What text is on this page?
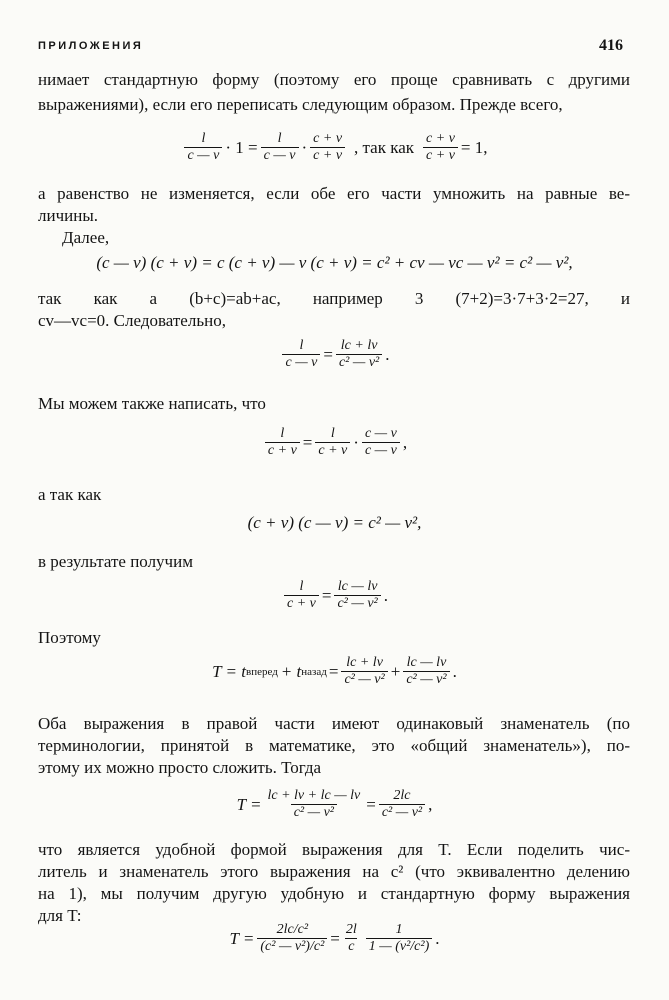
ПРИЛОЖЕНИЯ	416

нимает стандартную форму (поэтому его проще сравнивать с другими

выражениями), если его переписать следующим образом. Прежде всего,

$\frac{l}{c — v} \cdot 1 = \frac{l}{c — v} \cdot \frac{c + v}{c + v}$ , так как $\frac{c + v}{c + v} = 1$,

а равенство не изменяется, если обе его части умножить на равные ве-

личины.

Далее,

(c — v) (c + v) = c (c + v) — v (c + v) = c² + cv — vc — v² = c² — v²,

так как a (b+c)=ab+ac, например 3 (7+2)=3·7+3·2=27, и

cv—vc=0. Следовательно,

$\frac{l}{c — v} = \frac{lc + lv}{\text{c² — v²}}$ .

Мы можем также написать, что

$\frac{l}{c + v} = \frac{l}{c + v} \cdot \frac{c — v}{c — v}$ ,

а так как

(c + v) (c — v) = c² — v²,

в результате получим

$\frac{l}{c + v} = \frac{lc — lv}{\text{c² — v²}}$ .

Поэтому

T = t вперед + t назад = $\frac{lc + lv}{\text{c² — v²}} + \frac{lc — lv}{\text{c² — v²}}$ .

Оба выражения в правой части имеют одинаковый знаменатель (по
терминологии, принятой в математике, это «общий знаменатель»), по-

этому их можно просто сложить. Тогда

$T = \frac{lc + lv + lc — lv}{\text{c² — v²}} = \frac{2lc}{\text{c² — v²}}$ ,

что является удобной формой выражения для T. Если поделить чис-
литель и знаменатель этого выражения на c² (что эквивалентно делению
на 1), мы получим другую удобную и стандартную форму выражения

для T:

$T = \frac{\text{2lc/c²}}{\text{(c² — v²)/c²}} = \frac{2l}{c} \frac{1}{\text{1 — (v²/c²)}}$ .
